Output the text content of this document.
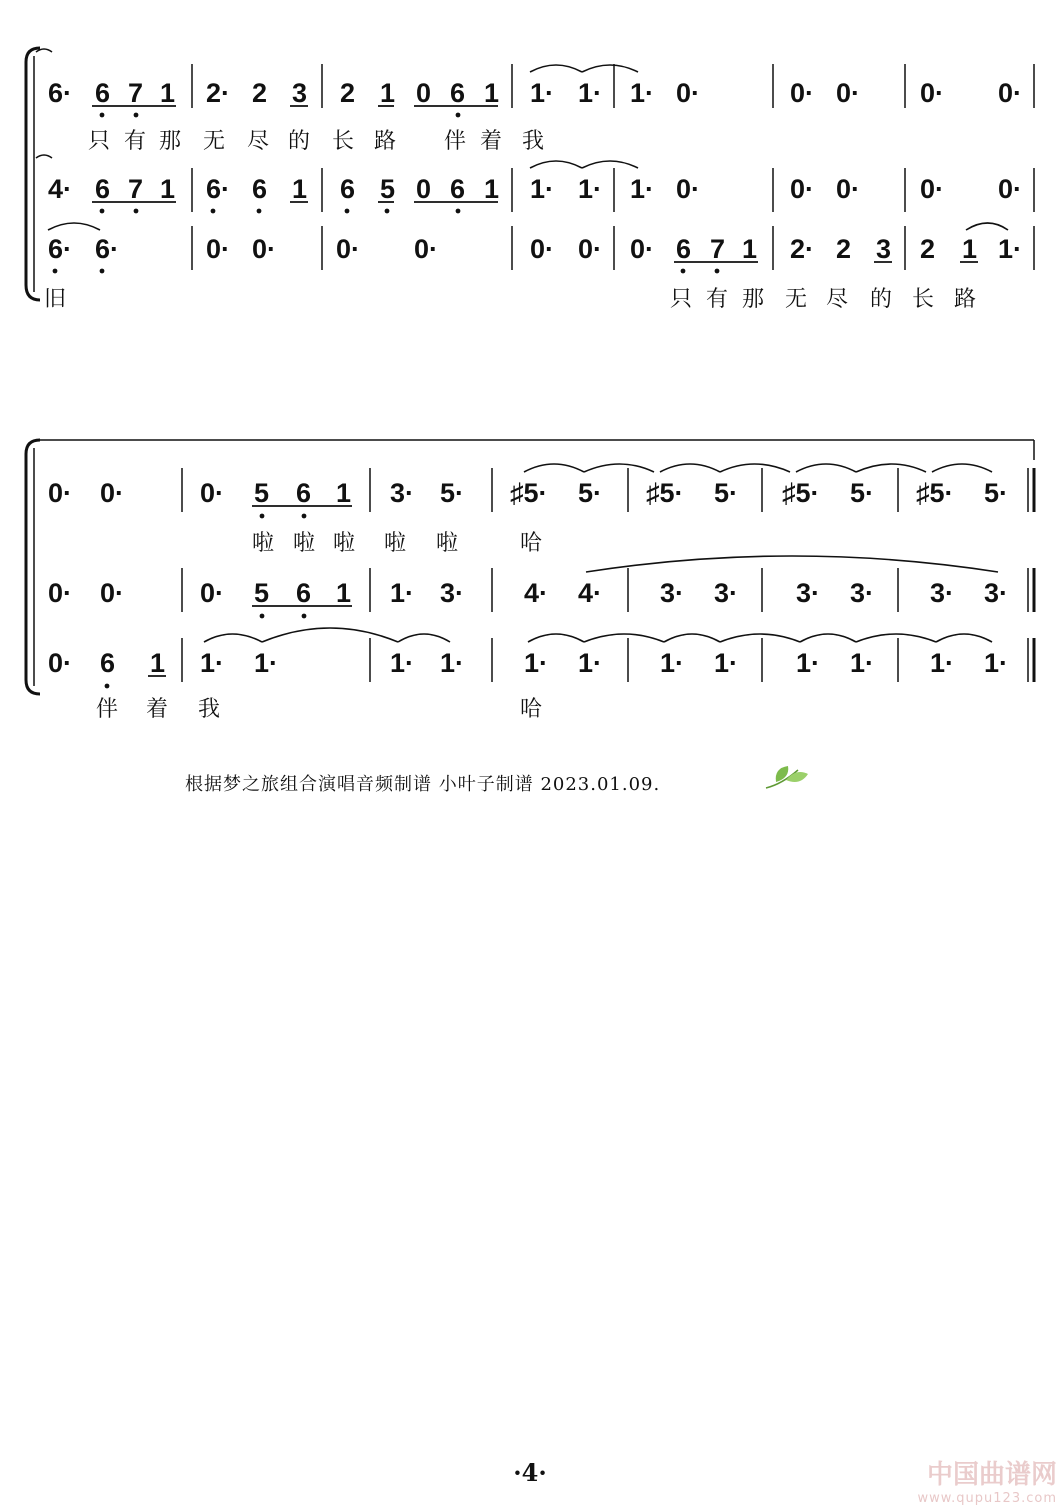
6· 6 7 1 2· 2 3 2 1 0 6 1 1· 1· 1· 0·	0· 0· 0· 0·
只 有 那 无 尽 的 长 路 伴 着 我
4· 6 7 1 6· 6 1 6 5 0 6 1 1· 1· 1· 0·	0· 0· 0· 0·
6· 6·	0· 0· 0· 0·	0· 0· 0· 6 7 1 2· 2 3 2 1 1·
旧	只 有 那 无 尽 的 长 路
0· 0·	0· 5 6 1 3· 5· ♯5· 5· ♯5· 5· ♯5· 5· ♯5· 5·
啦 啦 啦 啦 啦	哈
0· 0·	0· 5 6 1 1· 3· 4· 4· 3· 3· 3· 3· 3· 3·
0· 6 1 1· 1·	1· 1· 1· 1· 1· 1· 1· 1· 1· 1·
伴 着 我	哈
根据梦之旅组合演唱音频制谱 小叶子制谱 2023.01.09.
·4·	中国曲谱网
www.qupu123.com
